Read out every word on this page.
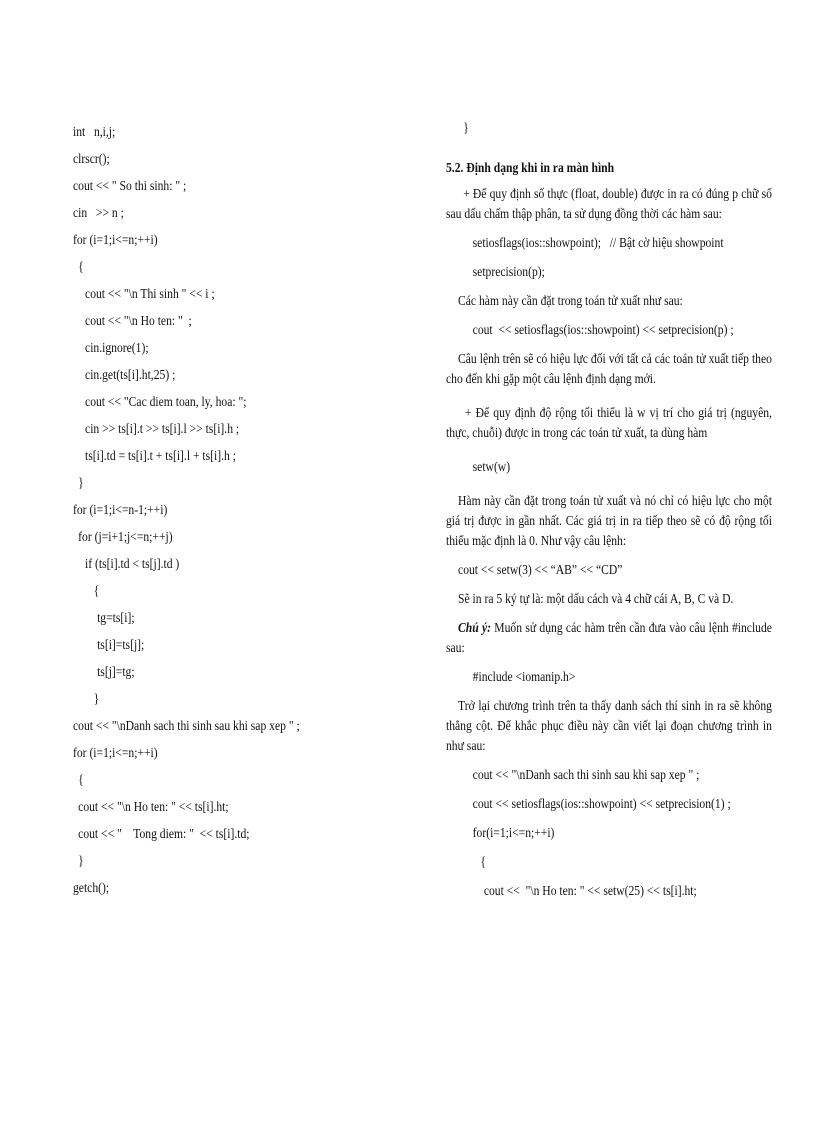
int   n,i,j;
clrscr();
cout << " So thi sinh: " ;
cin   >> n ;
for (i=1;i<=n;++i)
{
cout << "\n Thi sinh " << i ;
cout << "\n Ho ten: "  ;
cin.ignore(1);
cin.get(ts[i].ht,25) ;
cout << "Cac diem toan, ly, hoa: ";
cin >> ts[i].t >> ts[i].l >> ts[i].h ;
ts[i].td = ts[i].t + ts[i].l + ts[i].h ;
}
for (i=1;i<=n-1;++i)
for (j=i+1;j<=n;++j)
if (ts[i].td < ts[j].td )
{
tg=ts[i];
ts[i]=ts[j];
ts[j]=tg;
}
cout << "\nDanh sach thi sinh sau khi sap xep " ;
for (i=1;i<=n;++i)
{
cout << "\n Ho ten: " << ts[i].ht;
cout << "    Tong diem: "  << ts[i].td;
}
getch();
}
5.2. Định dạng khi in ra màn hình
+ Để quy định số thực (float, double) được in ra có đúng p chữ số sau dấu chấm thập phân, ta sử dụng đồng thời các hàm sau:
setiosflags(ios::showpoint);   // Bật cờ hiệu showpoint
setprecision(p);
Các hàm này cần đặt trong toán tử xuất như sau:
cout  << setiosflags(ios::showpoint) << setprecision(p) ;
Câu lệnh trên sẽ có hiệu lực đối với tất cả các toán tử xuất tiếp theo cho đến khi gặp một câu lệnh định dạng mới.
+ Để quy định độ rộng tối thiểu là w vị trí cho giá trị (nguyên, thực, chuỗi) được in trong các toán tử xuất, ta dùng hàm
setw(w)
Hàm này cần đặt trong toán tử xuất và nó chỉ có hiệu lực cho một giá trị được in gần nhất. Các giá trị in ra tiếp theo sẽ có độ rộng tối thiểu mặc định là 0. Như vậy câu lệnh:
cout << setw(3) << “AB” << “CD”
Sẽ in ra 5 ký tự là: một dấu cách và 4 chữ cái A, B, C và D.
Chú ý: Muốn sử dụng các hàm trên cần đưa vào câu lệnh #include sau:
#include <iomanip.h>
Trở lại chương trình trên ta thấy danh sách thí sinh in ra sẽ không thẳng cột. Để khắc phục điều này cần viết lại đoạn chương trình in như sau:
cout << "\nDanh sach thi sinh sau khi sap xep " ;
cout << setiosflags(ios::showpoint) << setprecision(1) ;
for(i=1;i<=n;++i)
{
cout <<  "\n Ho ten: " << setw(25) << ts[i].ht;
